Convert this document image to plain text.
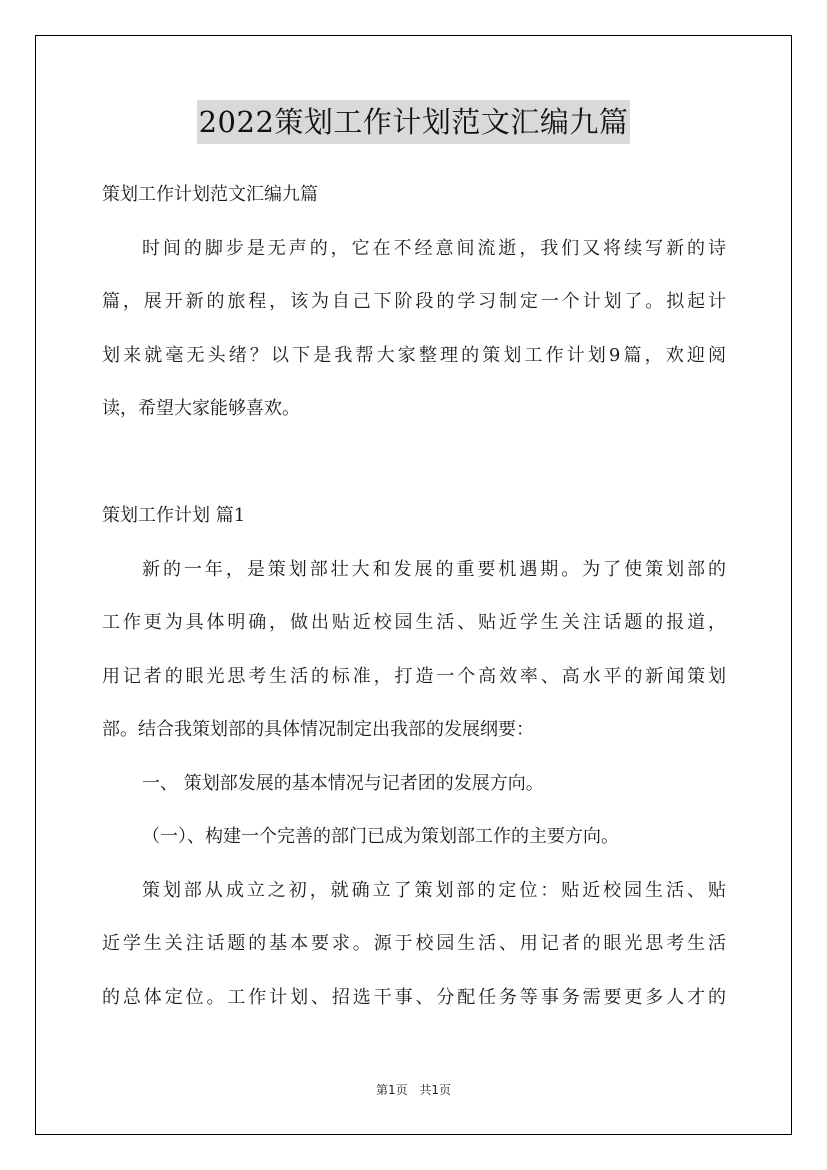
2022策划工作计划范文汇编九篇
策划工作计划范文汇编九篇
时间的脚步是无声的，它在不经意间流逝，我们又将续写新的诗
篇，展开新的旅程，该为自己下阶段的学习制定一个计划了。拟起计
划来就毫无头绪？以下是我帮大家整理的策划工作计划9篇，欢迎阅
读，希望大家能够喜欢。
策划工作计划 篇1
新的一年，是策划部壮大和发展的重要机遇期。为了使策划部的
工作更为具体明确，做出贴近校园生活、贴近学生关注话题的报道，
用记者的眼光思考生活的标准，打造一个高效率、高水平的新闻策划
部。结合我策划部的具体情况制定出我部的发展纲要：
一、 策划部发展的基本情况与记者团的发展方向。
（一）、构建一个完善的部门已成为策划部工作的主要方向。
策划部从成立之初，就确立了策划部的定位：贴近校园生活、贴
近学生关注话题的基本要求。源于校园生活、用记者的眼光思考生活
的总体定位。工作计划、招选干事、分配任务等事务需要更多人才的
第1页 共1页
